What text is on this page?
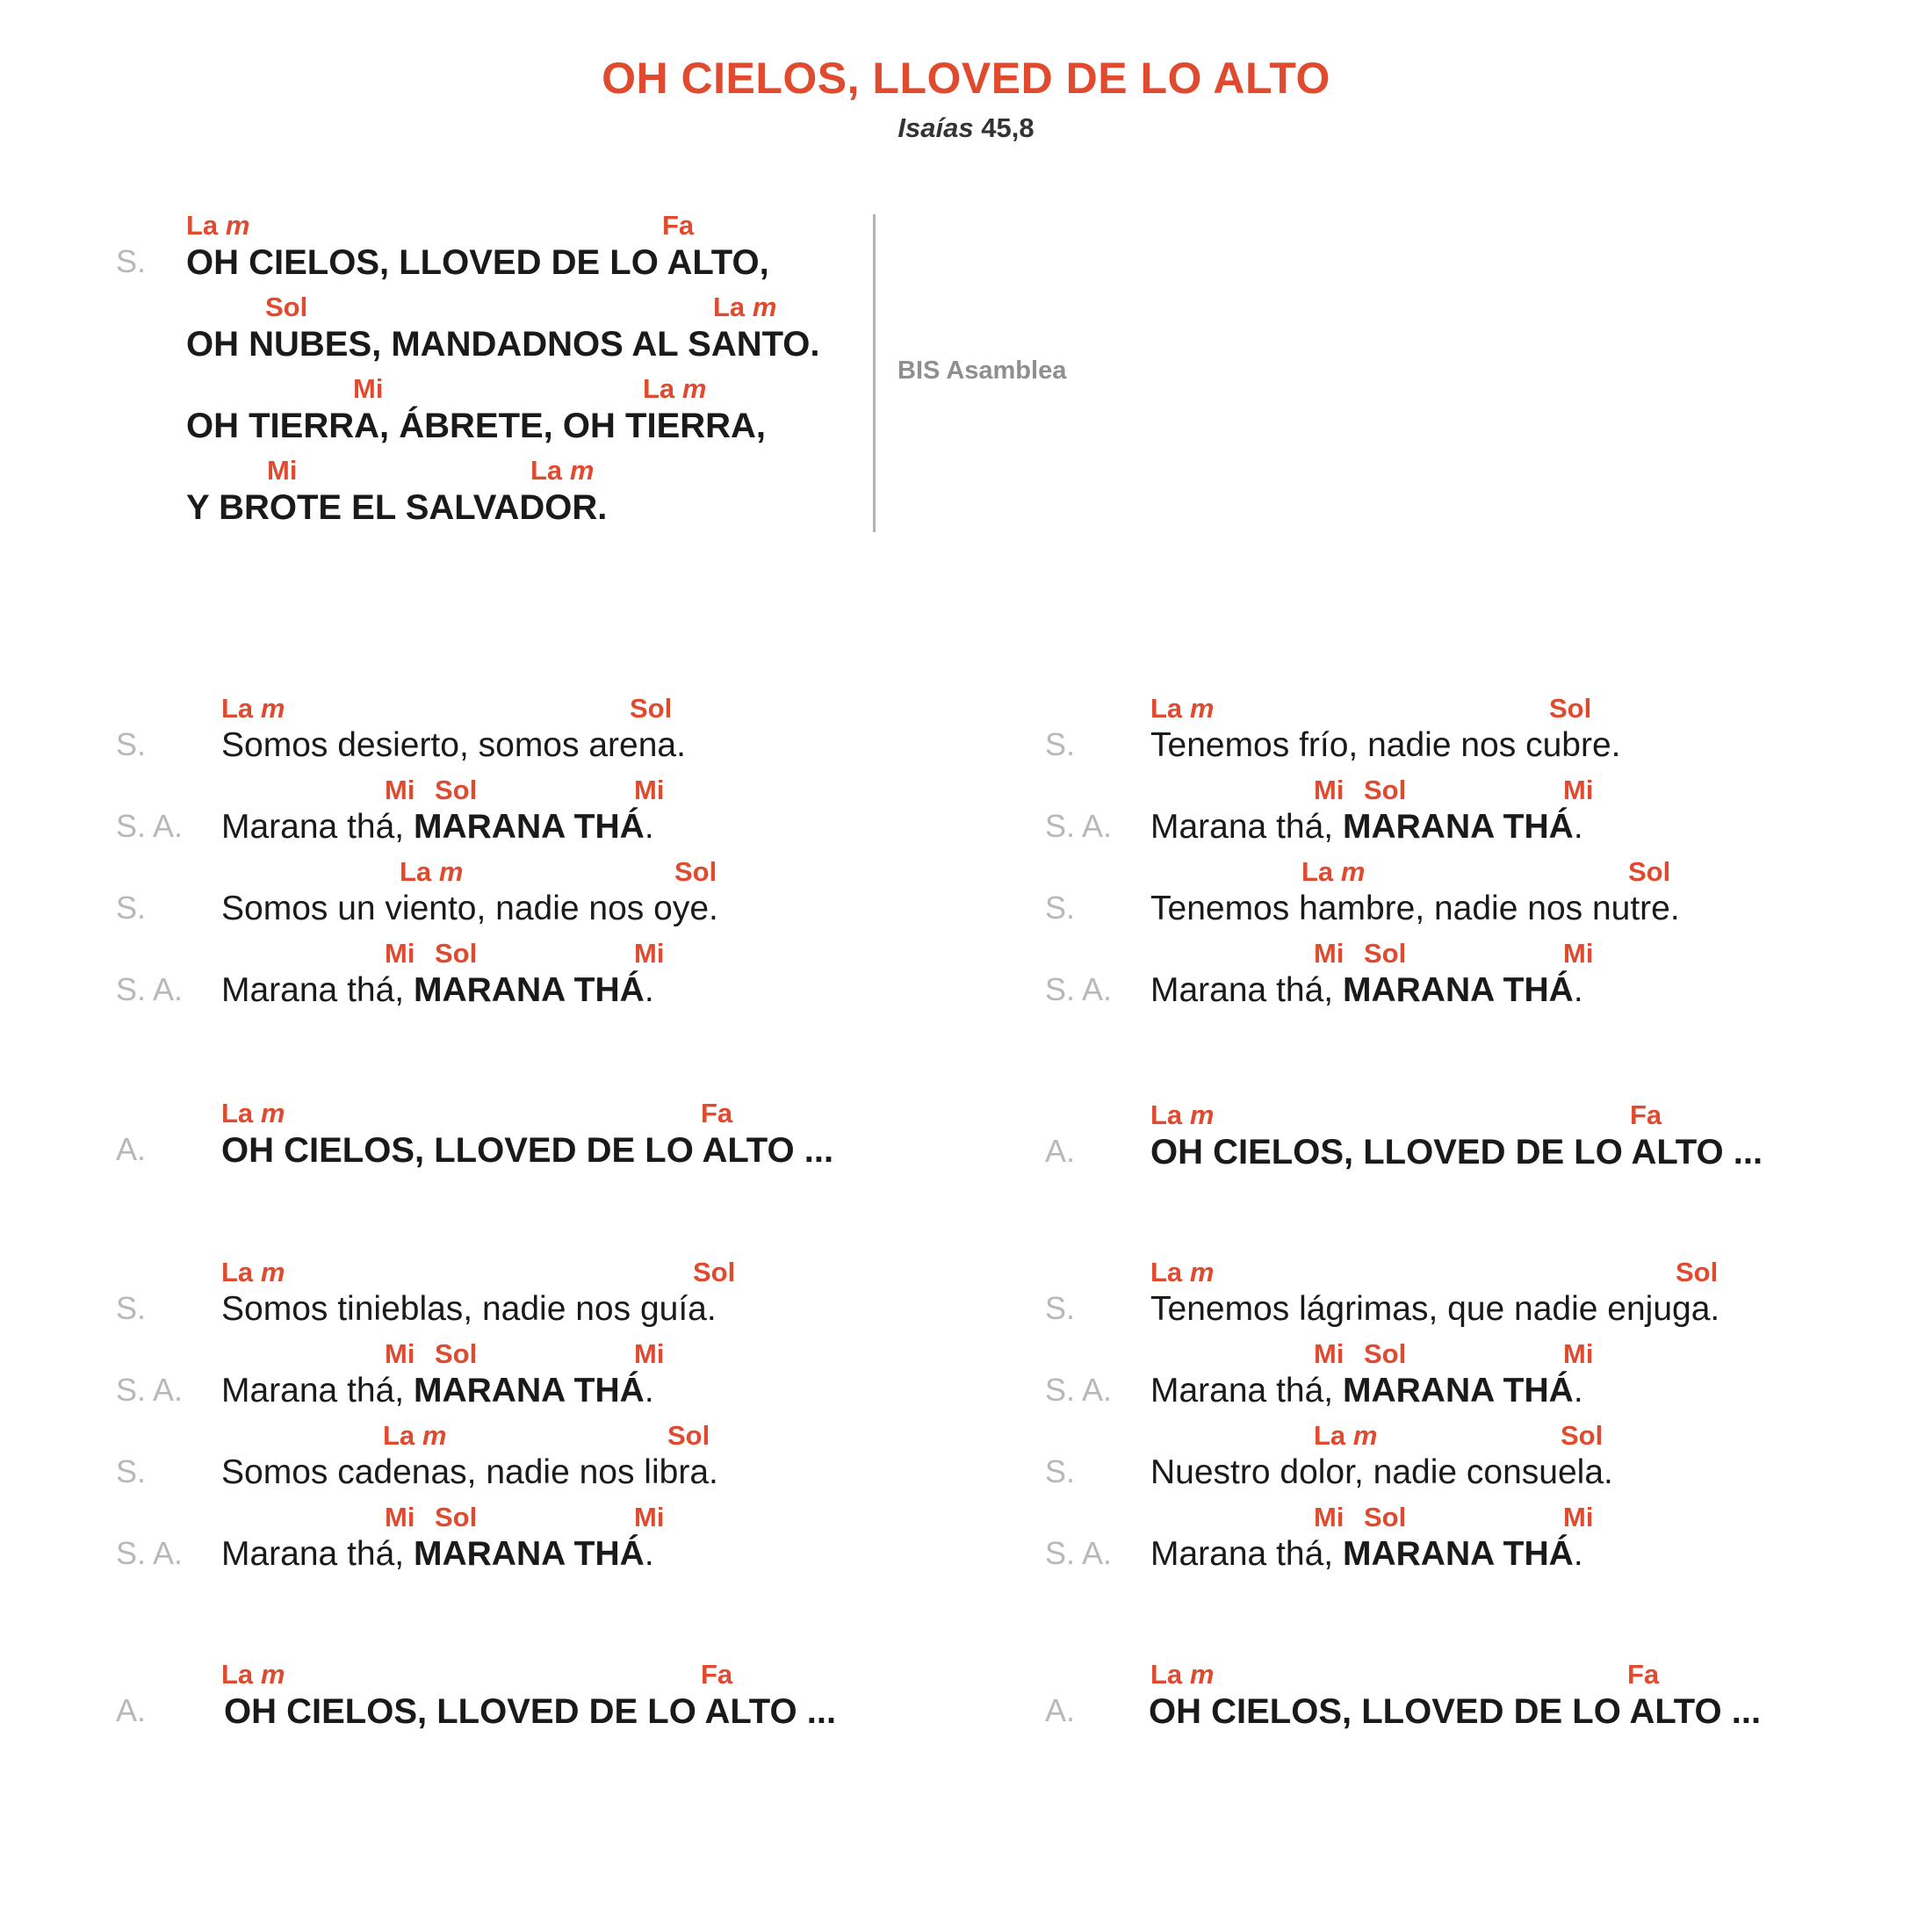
OH CIELOS, LLOVED DE LO ALTO
Isaías 45,8
BIS Asamblea
S.
La m	Fa
OH CIELOS, LLOVED DE LO ALTO,
Sol	La m
OH NUBES, MANDADNOS AL SANTO.
Mi	La m
OH TIERRA, ÁBRETE, OH TIERRA,
Mi	La m
Y BROTE EL SALVADOR.
S.
La m	Sol
Somos desierto, somos arena.
S. A.
Mi Sol	Mi
Marana thá, MARANA THÁ.
S.
La m	Sol
Somos un viento, nadie nos oye.
S. A.
Mi Sol	Mi
Marana thá, MARANA THÁ.
S.
La m	Sol
Tenemos frío, nadie nos cubre.
S. A.
Mi Sol	Mi
Marana thá, MARANA THÁ.
S.
La m	Sol
Tenemos hambre, nadie nos nutre.
S. A.
Mi Sol	Mi
Marana thá, MARANA THÁ.
A.
La m	Fa
OH CIELOS, LLOVED DE LO ALTO ...	A.
La m	Fa
OH CIELOS, LLOVED DE LO ALTO ...
S.
La m	Sol
Somos tinieblas, nadie nos guía.
S. A.
Mi Sol	Mi
Marana thá, MARANA THÁ.
S.
La m	Sol
Somos cadenas, nadie nos libra.
S. A.
Mi Sol	Mi
Marana thá, MARANA THÁ.
S.
La m	Sol
Tenemos lágrimas, que nadie enjuga.
S. A.
Mi Sol	Mi
Marana thá, MARANA THÁ.
S.
La m	Sol
Nuestro dolor, nadie consuela.
S. A.
Mi Sol	Mi
Marana thá, MARANA THÁ.
A.
La m	Fa
OH CIELOS, LLOVED DE LO ALTO ...	A.
La m	Fa
OH CIELOS, LLOVED DE LO ALTO ...
